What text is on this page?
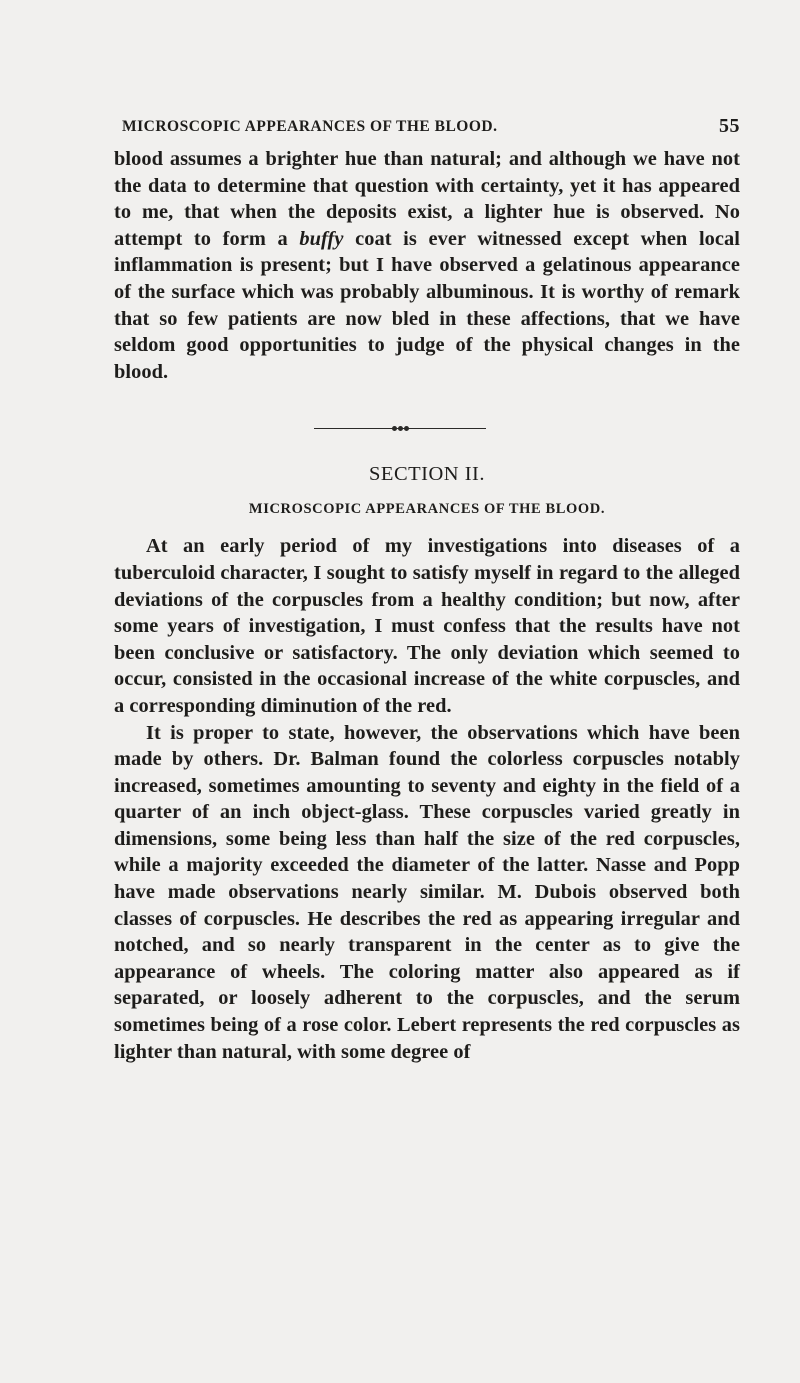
MICROSCOPIC APPEARANCES OF THE BLOOD.	55

blood assumes a brighter hue than natural; and although we have not the data to determine that question with certainty, yet it has appeared to me, that when the deposits exist, a lighter hue is observed. No attempt to form a buffy coat is ever witnessed except when local inflammation is present; but I have observed a gelatinous appearance of the surface which was probably albuminous. It is worthy of remark that so few patients are now bled in these affections, that we have seldom good opportunities to judge of the physical changes in the blood.

SECTION II.
MICROSCOPIC APPEARANCES OF THE BLOOD.

At an early period of my investigations into diseases of a tuberculoid character, I sought to satisfy myself in regard to the alleged deviations of the corpuscles from a healthy condition; but now, after some years of investigation, I must confess that the results have not been conclusive or satisfactory. The only deviation which seemed to occur, consisted in the occasional increase of the white corpuscles, and a corresponding diminution of the red.

It is proper to state, however, the observations which have been made by others. Dr. Balman found the colorless corpuscles notably increased, sometimes amounting to seventy and eighty in the field of a quarter of an inch object-glass. These corpuscles varied greatly in dimensions, some being less than half the size of the red corpuscles, while a majority exceeded the diameter of the latter. Nasse and Popp have made observations nearly similar. M. Dubois observed both classes of corpuscles. He describes the red as appearing irregular and notched, and so nearly transparent in the center as to give the appearance of wheels. The coloring matter also appeared as if separated, or loosely adherent to the corpuscles, and the serum sometimes being of a rose color. Lebert represents the red corpuscles as lighter than natural, with some degree of
